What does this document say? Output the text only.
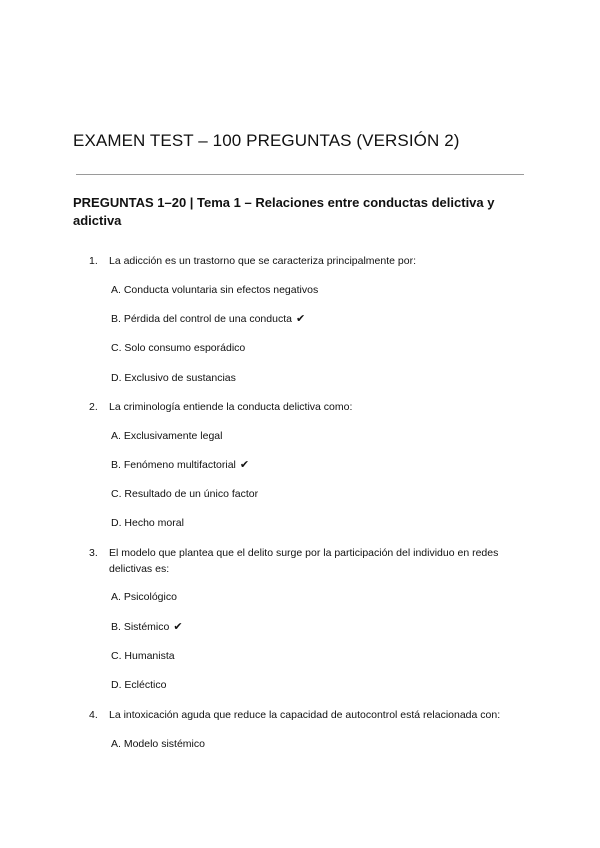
EXAMEN TEST – 100 PREGUNTAS (VERSIÓN 2)
PREGUNTAS 1–20 | Tema 1 – Relaciones entre conductas delictiva y adictiva
1.	La adicción es un trastorno que se caracteriza principalmente por:
A. Conducta voluntaria sin efectos negativos
B. Pérdida del control de una conducta ✔
C. Solo consumo esporádico
D. Exclusivo de sustancias
2.	La criminología entiende la conducta delictiva como:
A. Exclusivamente legal
B. Fenómeno multifactorial ✔
C. Resultado de un único factor
D. Hecho moral
3.	El modelo que plantea que el delito surge por la participación del individuo en redes delictivas es:
A. Psicológico
B. Sistémico ✔
C. Humanista
D. Ecléctico
4.	La intoxicación aguda que reduce la capacidad de autocontrol está relacionada con:
A. Modelo sistémico
